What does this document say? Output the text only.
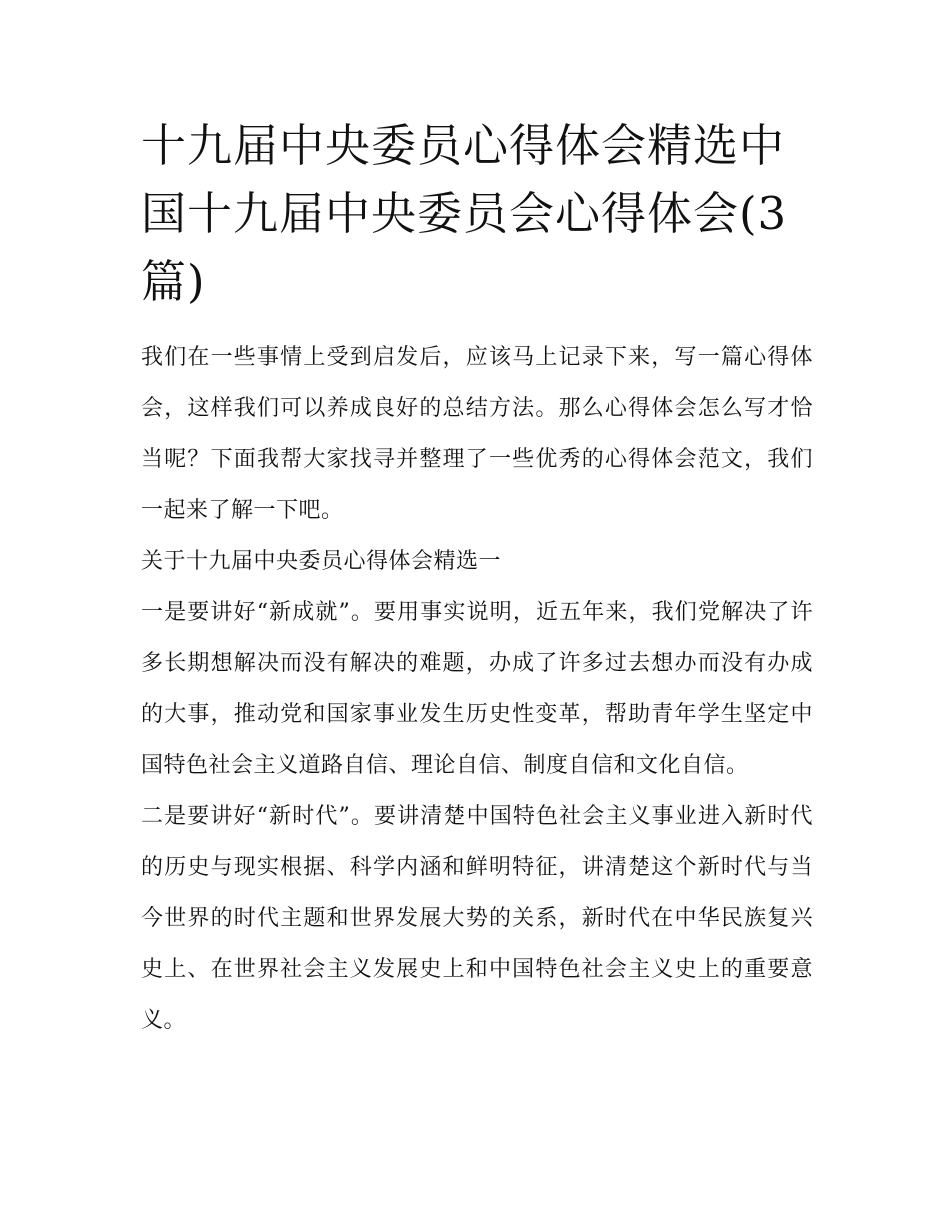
十九届中央委员心得体会精选中国十九届中央委员会心得体会(3篇)

我们在一些事情上受到启发后，应该马上记录下来，写一篇心得体会，这样我们可以养成良好的总结方法。那么心得体会怎么写才恰当呢？下面我帮大家找寻并整理了一些优秀的心得体会范文，我们一起来了解一下吧。

关于十九届中央委员心得体会精选一

一是要讲好“新成就”。要用事实说明，近五年来，我们党解决了许多长期想解决而没有解决的难题，办成了许多过去想办而没有办成的大事，推动党和国家事业发生历史性变革，帮助青年学生坚定中国特色社会主义道路自信、理论自信、制度自信和文化自信。

二是要讲好“新时代”。要讲清楚中国特色社会主义事业进入新时代的历史与现实根据、科学内涵和鲜明特征，讲清楚这个新时代与当今世界的时代主题和世界发展大势的关系，新时代在中华民族复兴史上、在世界社会主义发展史上和中国特色社会主义史上的重要意义。
